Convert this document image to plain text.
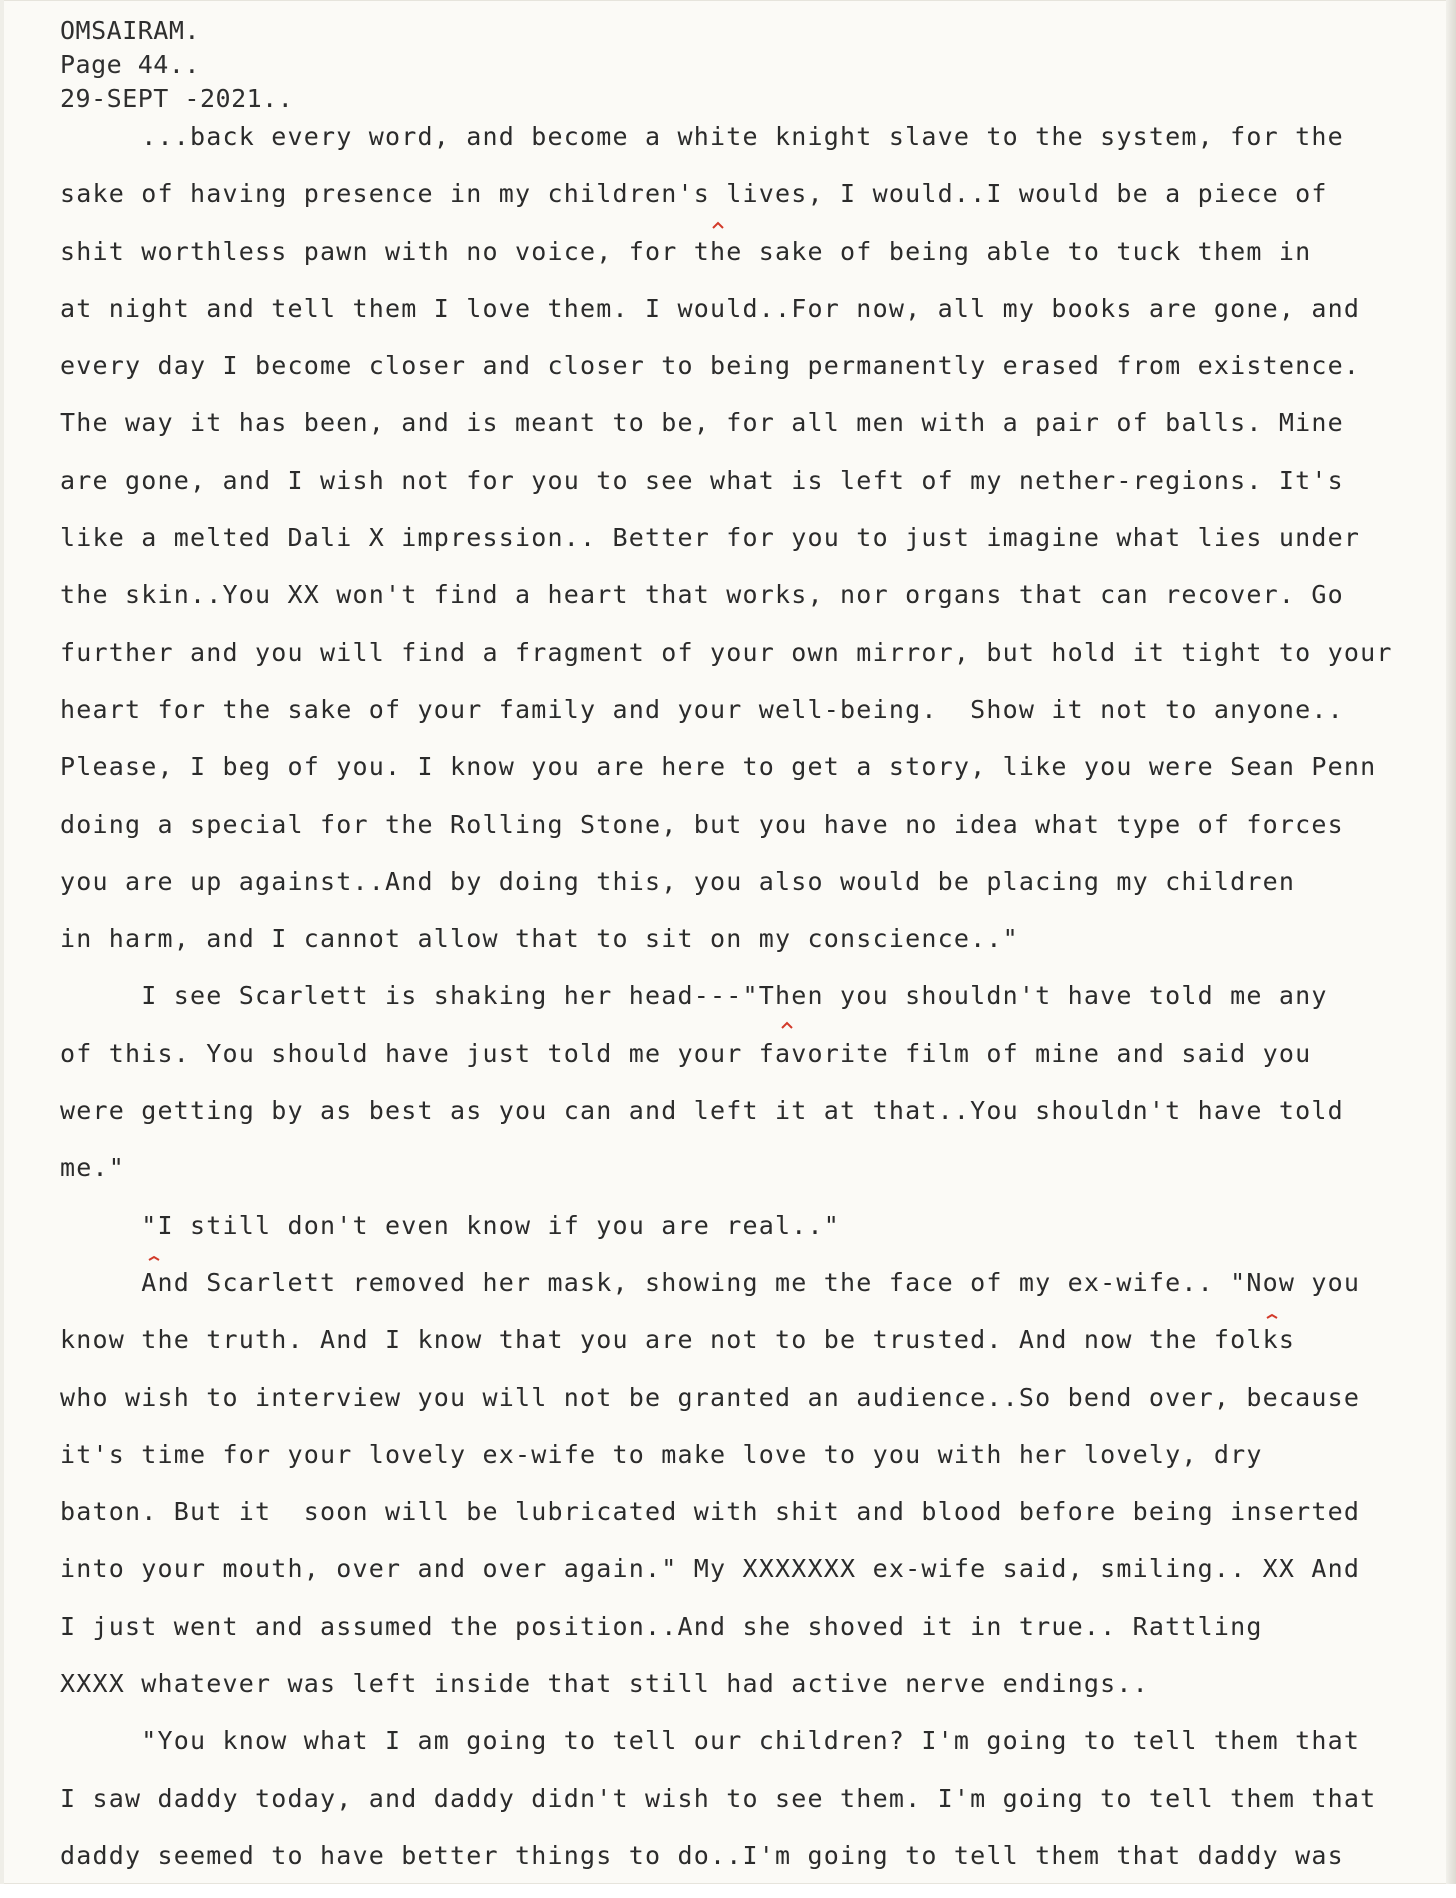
OMSAIRAM.
Page 44..
29-SEPT -2021..
...back every word, and become a white knight slave to the system, for the
sake of having presence in my children's lives, I would..I would be a piece of
shit worthless pawn with no voice, for the sake of being able to tuck them in
at night and tell them I love them. I would..For now, all my books are gone, and
every day I become closer and closer to being permanently erased from existence.
The way it has been, and is meant to be, for all men with a pair of balls. Mine
are gone, and I wish not for you to see what is left of my nether-regions. It's
like a melted Dali X impression.. Better for you to just imagine what lies under
the skin..You XX won't find a heart that works, nor organs that can recover. Go
further and you will find a fragment of your own mirror, but hold it tight to your
heart for the sake of your family and your well-being.  Show it not to anyone..
Please, I beg of you. I know you are here to get a story, like you were Sean Penn
doing a special for the Rolling Stone, but you have no idea what type of forces
you are up against..And by doing this, you also would be placing my children
in harm, and I cannot allow that to sit on my conscience.."
I see Scarlett is shaking her head---"Then you shouldn't have told me any
of this. You should have just told me your favorite film of mine and said you
were getting by as best as you can and left it at that..You shouldn't have told
me."
"I still don't even know if you are real.."
And Scarlett removed her mask, showing me the face of my ex-wife.. "Now you
know the truth. And I know that you are not to be trusted. And now the folks
who wish to interview you will not be granted an audience..So bend over, because
it's time for your lovely ex-wife to make love to you with her lovely, dry
baton. But it  soon will be lubricated with shit and blood before being inserted
into your mouth, over and over again." My XXXXXXX ex-wife said, smiling.. XX And
I just went and assumed the position..And she shoved it in true.. Rattling
XXXX whatever was left inside that still had active nerve endings..
"You know what I am going to tell our children? I'm going to tell them that
I saw daddy today, and daddy didn't wish to see them. I'm going to tell them that
daddy seemed to have better things to do..I'm going to tell them that daddy was
